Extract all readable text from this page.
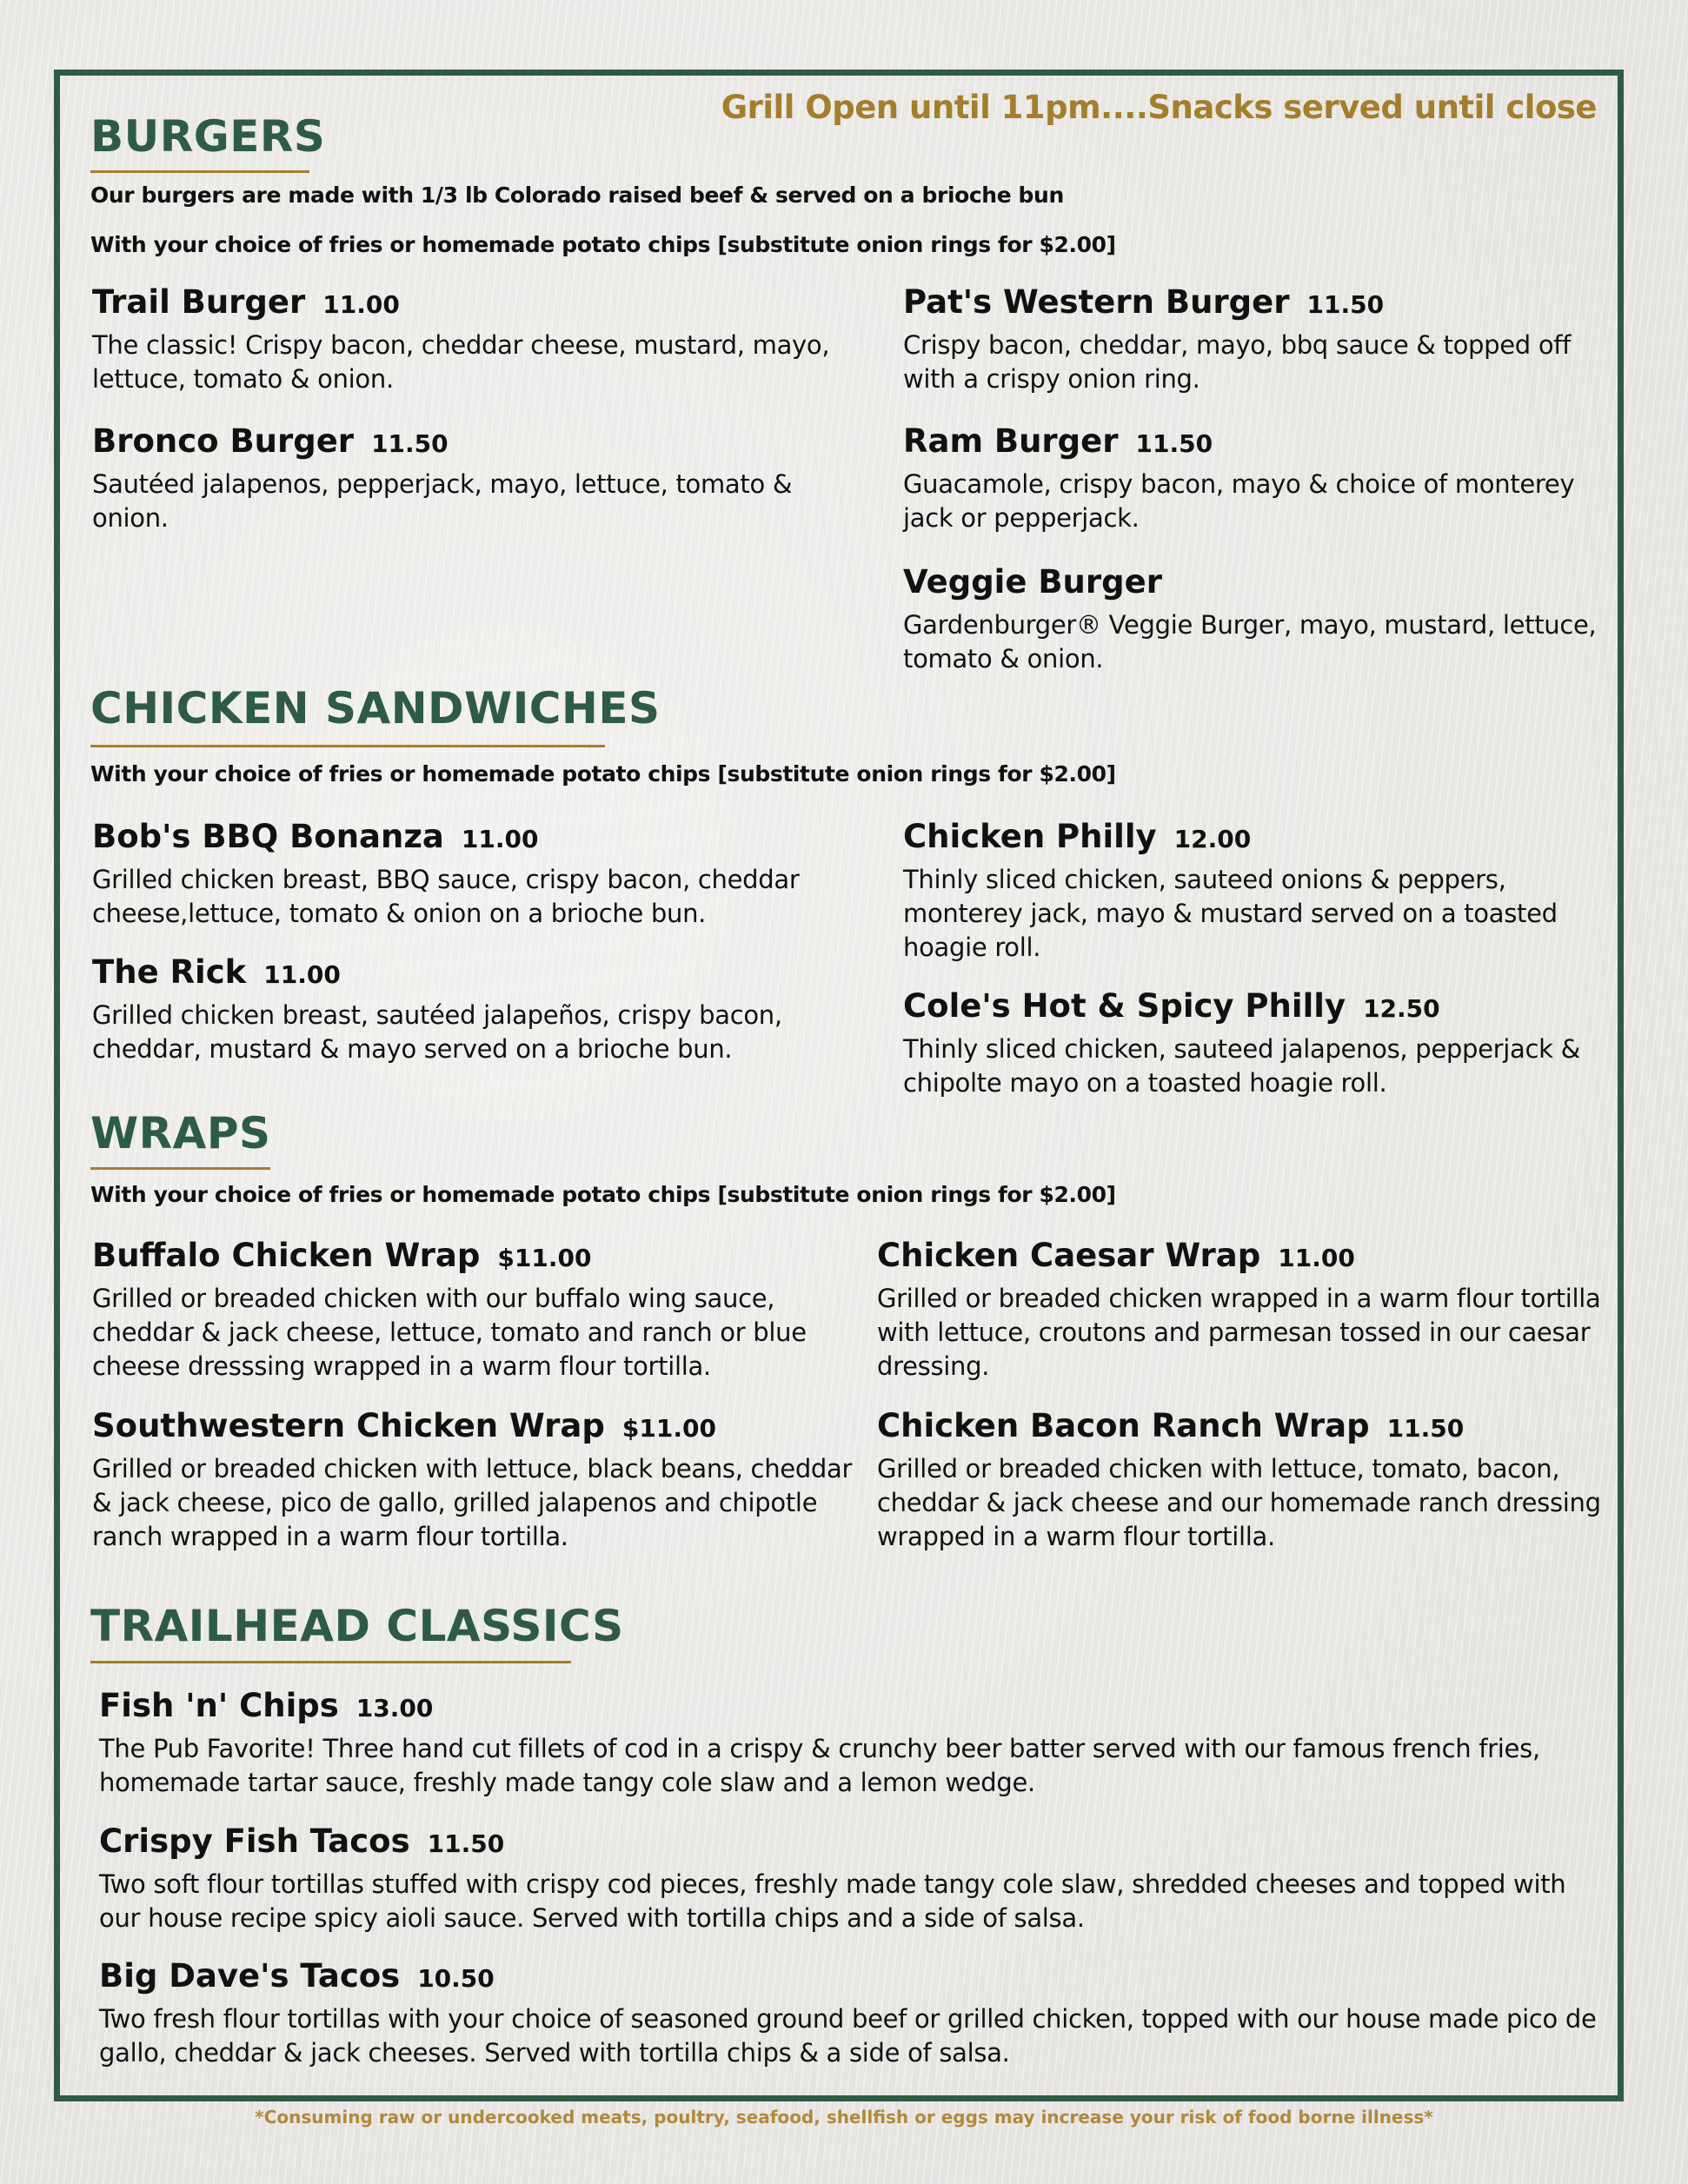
Grill Open until 11pm....Snacks served until close
BURGERS
Our burgers are made with 1/3 lb Colorado raised beef & served on a brioche bun
With your choice of fries or homemade potato chips [substitute onion rings for $2.00]
Trail Burger 11.00
The classic! Crispy bacon, cheddar cheese, mustard, mayo, lettuce, tomato & onion.
Bronco Burger 11.50
Sautéed jalapenos, pepperjack, mayo, lettuce, tomato & onion.
Pat's Western Burger 11.50
Crispy bacon, cheddar, mayo, bbq sauce & topped off with a crispy onion ring.
Ram Burger 11.50
Guacamole, crispy bacon, mayo & choice of monterey jack or pepperjack.
Veggie Burger
Gardenburger® Veggie Burger, mayo, mustard, lettuce, tomato & onion.
CHICKEN SANDWICHES
With your choice of fries or homemade potato chips [substitute onion rings for $2.00]
Bob's BBQ Bonanza 11.00
Grilled chicken breast, BBQ sauce, crispy bacon, cheddar cheese,lettuce, tomato & onion on a brioche bun.
The Rick 11.00
Grilled chicken breast, sautéed jalapeños, crispy bacon, cheddar, mustard & mayo served on a brioche bun.
Chicken Philly 12.00
Thinly sliced chicken, sauteed onions & peppers, monterey jack, mayo & mustard served on a toasted hoagie roll.
Cole's Hot & Spicy Philly 12.50
Thinly sliced chicken, sauteed jalapenos, pepperjack & chipolte mayo on a toasted hoagie roll.
WRAPS
With your choice of fries or homemade potato chips [substitute onion rings for $2.00]
Buffalo Chicken Wrap $11.00
Grilled or breaded chicken with our buffalo wing sauce, cheddar & jack cheese, lettuce, tomato and ranch or blue cheese dresssing wrapped in a warm flour tortilla.
Southwestern Chicken Wrap $11.00
Grilled or breaded chicken with lettuce, black beans, cheddar & jack cheese, pico de gallo, grilled jalapenos and chipotle ranch wrapped in a warm flour tortilla.
Chicken Caesar Wrap 11.00
Grilled or breaded chicken wrapped in a warm flour tortilla with lettuce, croutons and parmesan tossed in our caesar dressing.
Chicken Bacon Ranch Wrap 11.50
Grilled or breaded chicken with lettuce, tomato, bacon, cheddar & jack cheese and our homemade ranch dressing wrapped in a warm flour tortilla.
TRAILHEAD CLASSICS
Fish 'n' Chips 13.00
The Pub Favorite! Three hand cut fillets of cod in a crispy & crunchy beer batter served with our famous french fries, homemade tartar sauce, freshly made tangy cole slaw and a lemon wedge.
Crispy Fish Tacos 11.50
Two soft flour tortillas stuffed with crispy cod pieces, freshly made tangy cole slaw, shredded cheeses and topped with our house recipe spicy aioli sauce. Served with tortilla chips and a side of salsa.
Big Dave's Tacos 10.50
Two fresh flour tortillas with your choice of seasoned ground beef or grilled chicken, topped with our house made pico de gallo, cheddar & jack cheeses. Served with tortilla chips & a side of salsa.
*Consuming raw or undercooked meats, poultry, seafood, shellfish or eggs may increase your risk of food borne illness*
